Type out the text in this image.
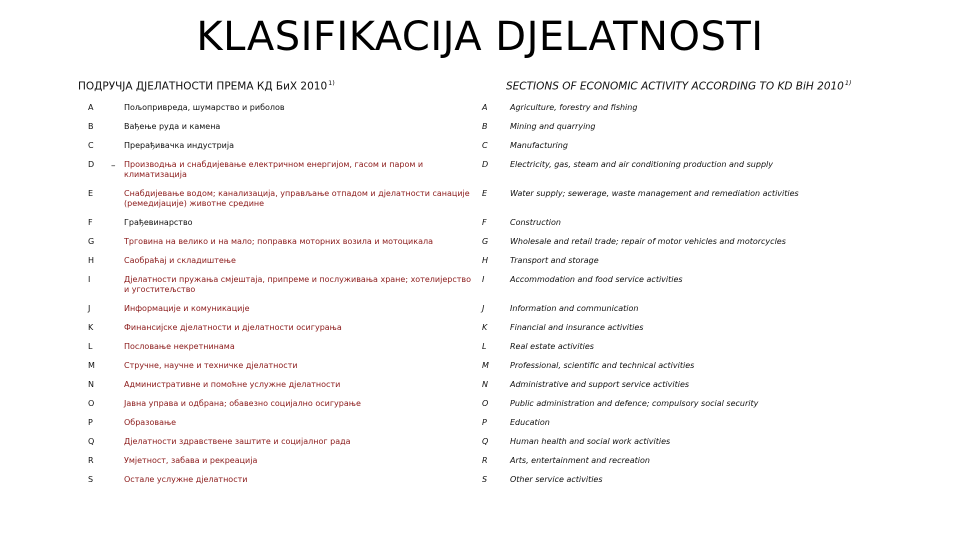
KLASIFIKACIJA DJELATNOSTI
ПОДРУЧЈА ДЈЕЛАТНОСТИ ПРЕМА КД БиХ 2010$^{1)}$	SECTIONS OF ECONOMIC ACTIVITY ACCORDING TO KD BiH 2010$^{1)}$
–
A	Пољопривреда, шумарство и риболов	A	Agriculture, forestry and fishing
B	Вађење руда и камена	B	Mining and quarrying
C	Прерађивачка индустрија	C	Manufacturing
D	Производња и снабдијевање електричном енергијом, гасом и паром и климатизација	D	Electricity, gas, steam and air conditioning production and supply
E	Снабдијевање водом; канализација, управљање отпадом и дјелатности санације (ремедијације) животне средине	E	Water supply; sewerage, waste management and remediation activities
F	Грађевинарство	F	Construction
G	Трговина на велико и на мало; поправка моторних возила и мотоцикала	G	Wholesale and retail trade; repair of motor vehicles and motorcycles
H	Саобраћај и складиштење	H	Transport and storage
I	Дјелатности пружања смјештаја, припреме и послуживања хране; хотелијерство и угоститељство	I	Accommodation and food service activities
J	Информације и комуникације	J	Information and communication
K	Финансијске дјелатности и дјелатности осигурања	K	Financial and insurance activities
L	Пословање некретнинама	L	Real estate activities
M	Стручне, научне и техничке дјелатности	M	Professional, scientific and technical activities
N	Административне и помоћне услужне дјелатности	N	Administrative and support service activities
O	Јавна управа и одбрана; обавезно социјално осигурање	O	Public administration and defence; compulsory social security
P	Образовање	P	Education
Q	Дјелатности здравствене заштите и социјалног рада	Q	Human health and social work activities
R	Умјетност, забава и рекреација	R	Arts, entertainment and recreation
S	Остале услужне дјелатности	S	Other service activities
